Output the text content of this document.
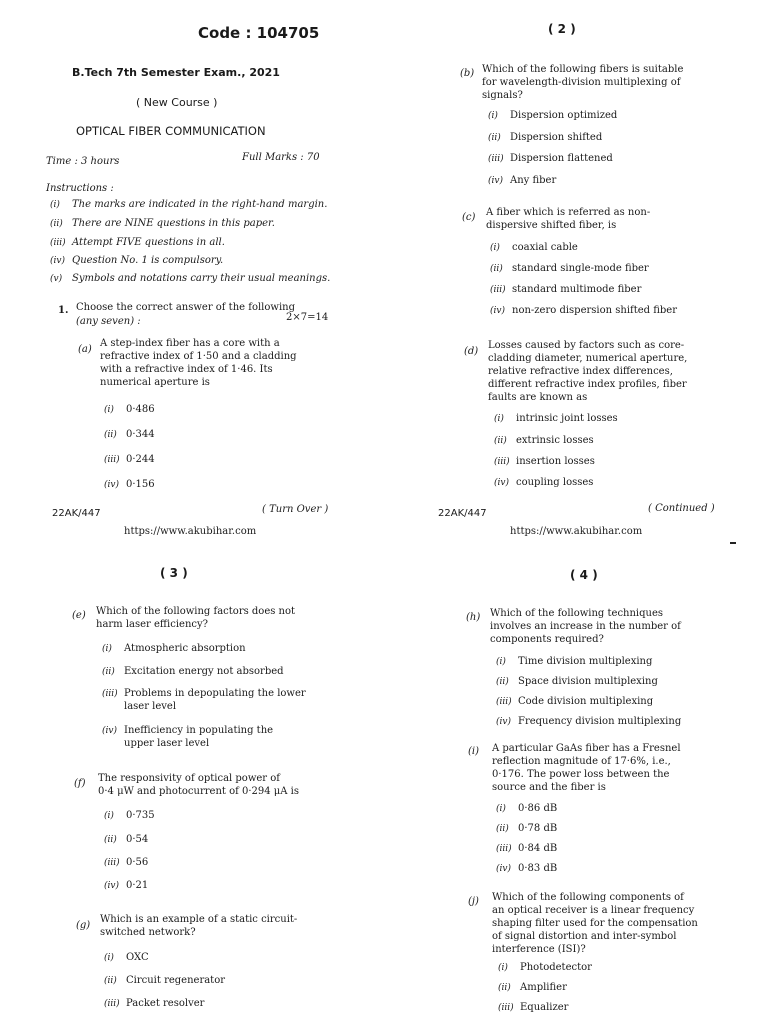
Code : 104705
B.Tech 7th Semester Exam., 2021
( New Course )
OPTICAL FIBER COMMUNICATION
Time : 3 hours	Full Marks : 70
Instructions :
(i) The marks are indicated in the right-hand margin.
(ii) There are NINE questions in this paper.
(iii) Attempt FIVE questions in all.
(iv) Question No. 1 is compulsory.
(v) Symbols and notations carry their usual meanings.
1. Choose the correct answer of the following
(any seven) :	2×7=14
(a)
A step-index fiber has a core with a
refractive index of 1·50 and a cladding
with a refractive index of 1·46. Its
numerical aperture is
(i) 0·486
(ii) 0·344
(iii) 0·244
(iv) 0·156
22AK/447	( Turn Over )
https://www.akubihar.com
( 2 )
(b) Which of the following fibers is suitable
for wavelength-division multiplexing of
signals?
(i) Dispersion optimized
(ii) Dispersion shifted
(iii) Dispersion flattened
(iv) Any fiber
(c) A fiber which is referred as non-
dispersive shifted fiber, is
(i) coaxial cable
(ii) standard single-mode fiber
(iii) standard multimode fiber
(iv) non-zero dispersion shifted fiber
(d)
Losses caused by factors such as core-
cladding diameter, numerical aperture,
relative refractive index differences,
different refractive index profiles, fiber
faults are known as
(i) intrinsic joint losses
(ii) extrinsic losses
(iii) insertion losses
(iv) coupling losses
22AK/447	( Continued )
https://www.akubihar.com
( 3 )
(e) Which of the following factors does not
harm laser efficiency?
(i) Atmospheric absorption
(ii) Excitation energy not absorbed
(iii) Problems in depopulating the lower
laser level
(iv) Inefficiency in populating the
upper laser level
(f) The responsivity of optical power of
0·4 μW and photocurrent of 0·294 μA is
(i) 0·735
(ii) 0·54
(iii) 0·56
(iv) 0·21
(g)
Which is an example of a static circuit-
switched network?
(i) OXC
(ii) Circuit regenerator
(iii) Packet resolver
( 4 )
(h) Which of the following techniques
involves an increase in the number of
components required?
(i) Time division multiplexing
(ii) Space division multiplexing
(iii) Code division multiplexing
(iv) Frequency division multiplexing
(i) A particular GaAs fiber has a Fresnel
reflection magnitude of 17·6%, i.e.,
0·176. The power loss between the
source and the fiber is
(i) 0·86 dB
(ii) 0·78 dB
(iii) 0·84 dB
(iv) 0·83 dB
(j) Which of the following components of
an optical receiver is a linear frequency
shaping filter used for the compensation
of signal distortion and inter-symbol
interference (ISI)?
(i) Photodetector
(ii) Amplifier
(iii) Equalizer
